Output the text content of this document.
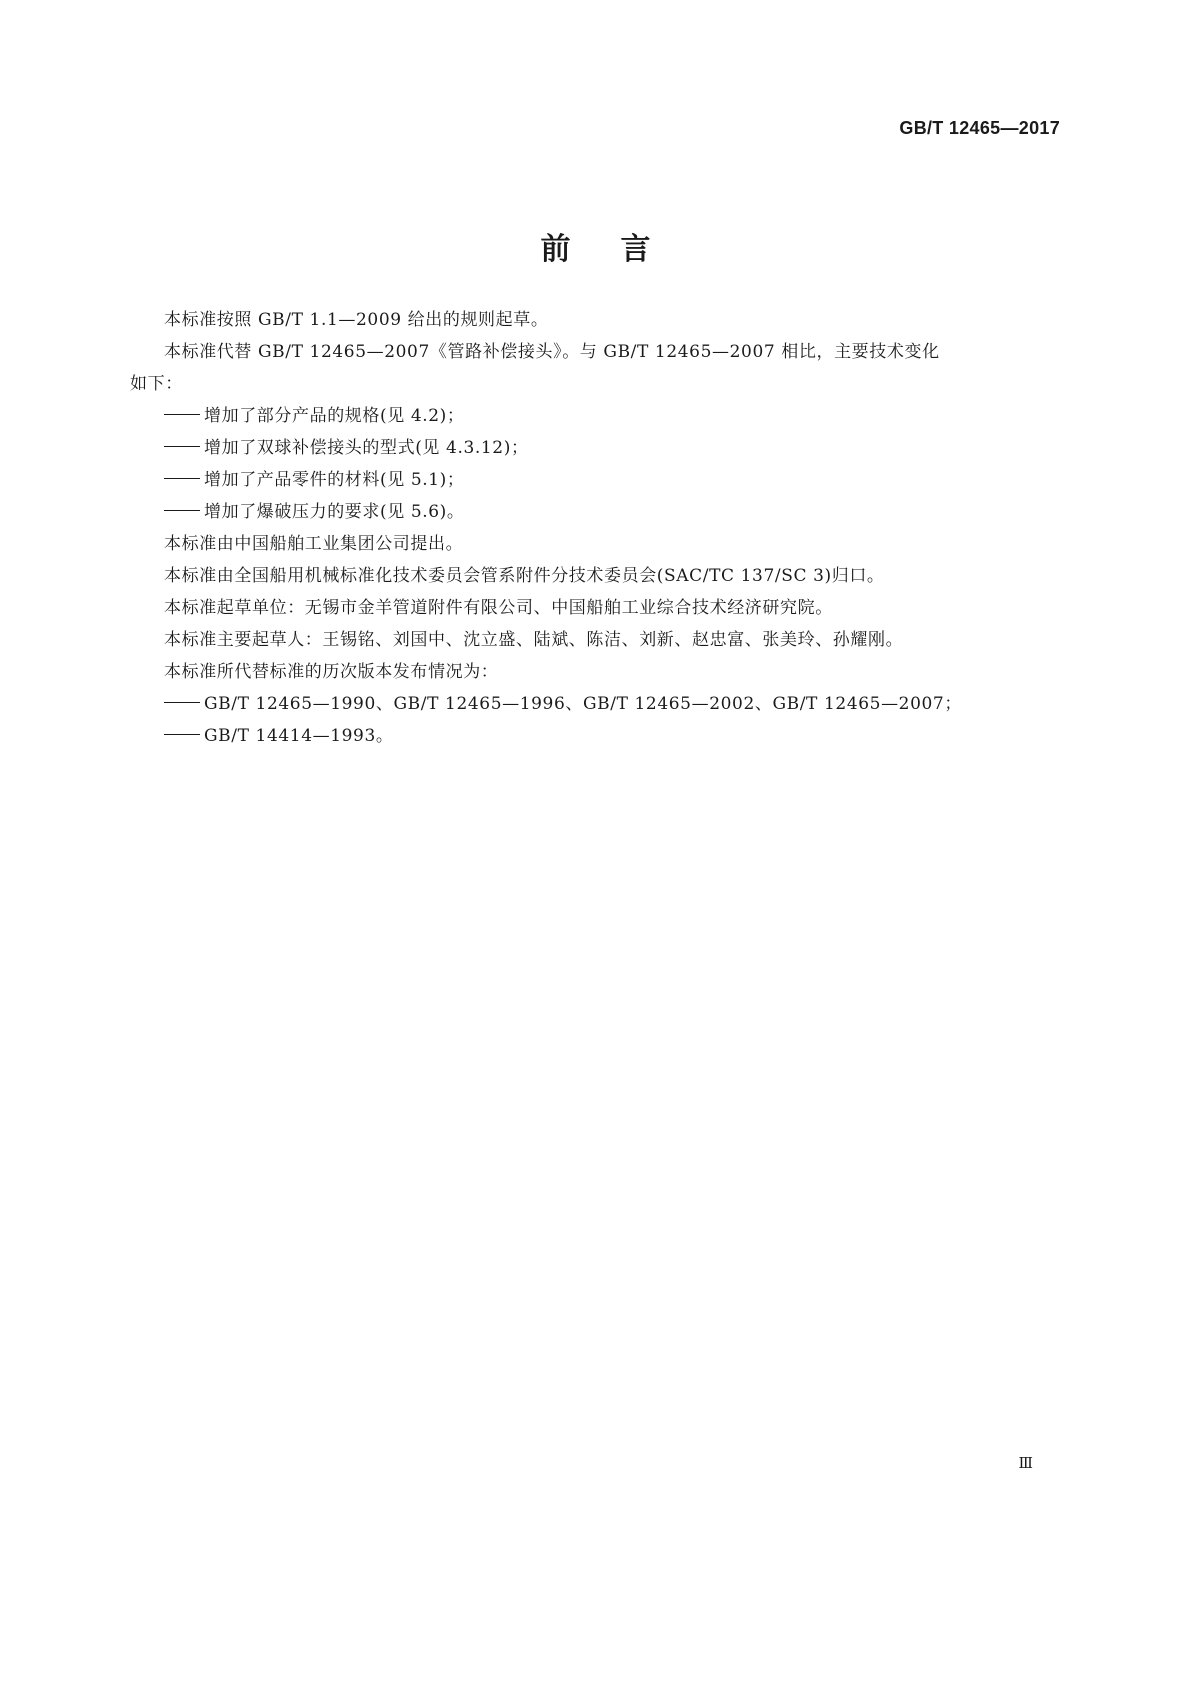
GB/T 12465—2017
前言

本标准按照 GB/T 1.1—2009 给出的规则起草。

本标准代替 GB/T 12465—2007《管路补偿接头》。与 GB/T 12465—2007 相比，主要技术变化

如下：

增加了部分产品的规格(见 4.2)；

增加了双球补偿接头的型式(见 4.3.12)；

增加了产品零件的材料(见 5.1)；

增加了爆破压力的要求(见 5.6)。

本标准由中国船舶工业集团公司提出。

本标准由全国船用机械标准化技术委员会管系附件分技术委员会(SAC/TC 137/SC 3)归口。

本标准起草单位：无锡市金羊管道附件有限公司、中国船舶工业综合技术经济研究院。

本标准主要起草人：王锡铭、刘国中、沈立盛、陆斌、陈洁、刘新、赵忠富、张美玲、孙耀刚。

本标准所代替标准的历次版本发布情况为：

GB/T 12465—1990、GB/T 12465—1996、GB/T 12465—2002、GB/T 12465—2007；

GB/T 14414—1993。

Ⅲ
